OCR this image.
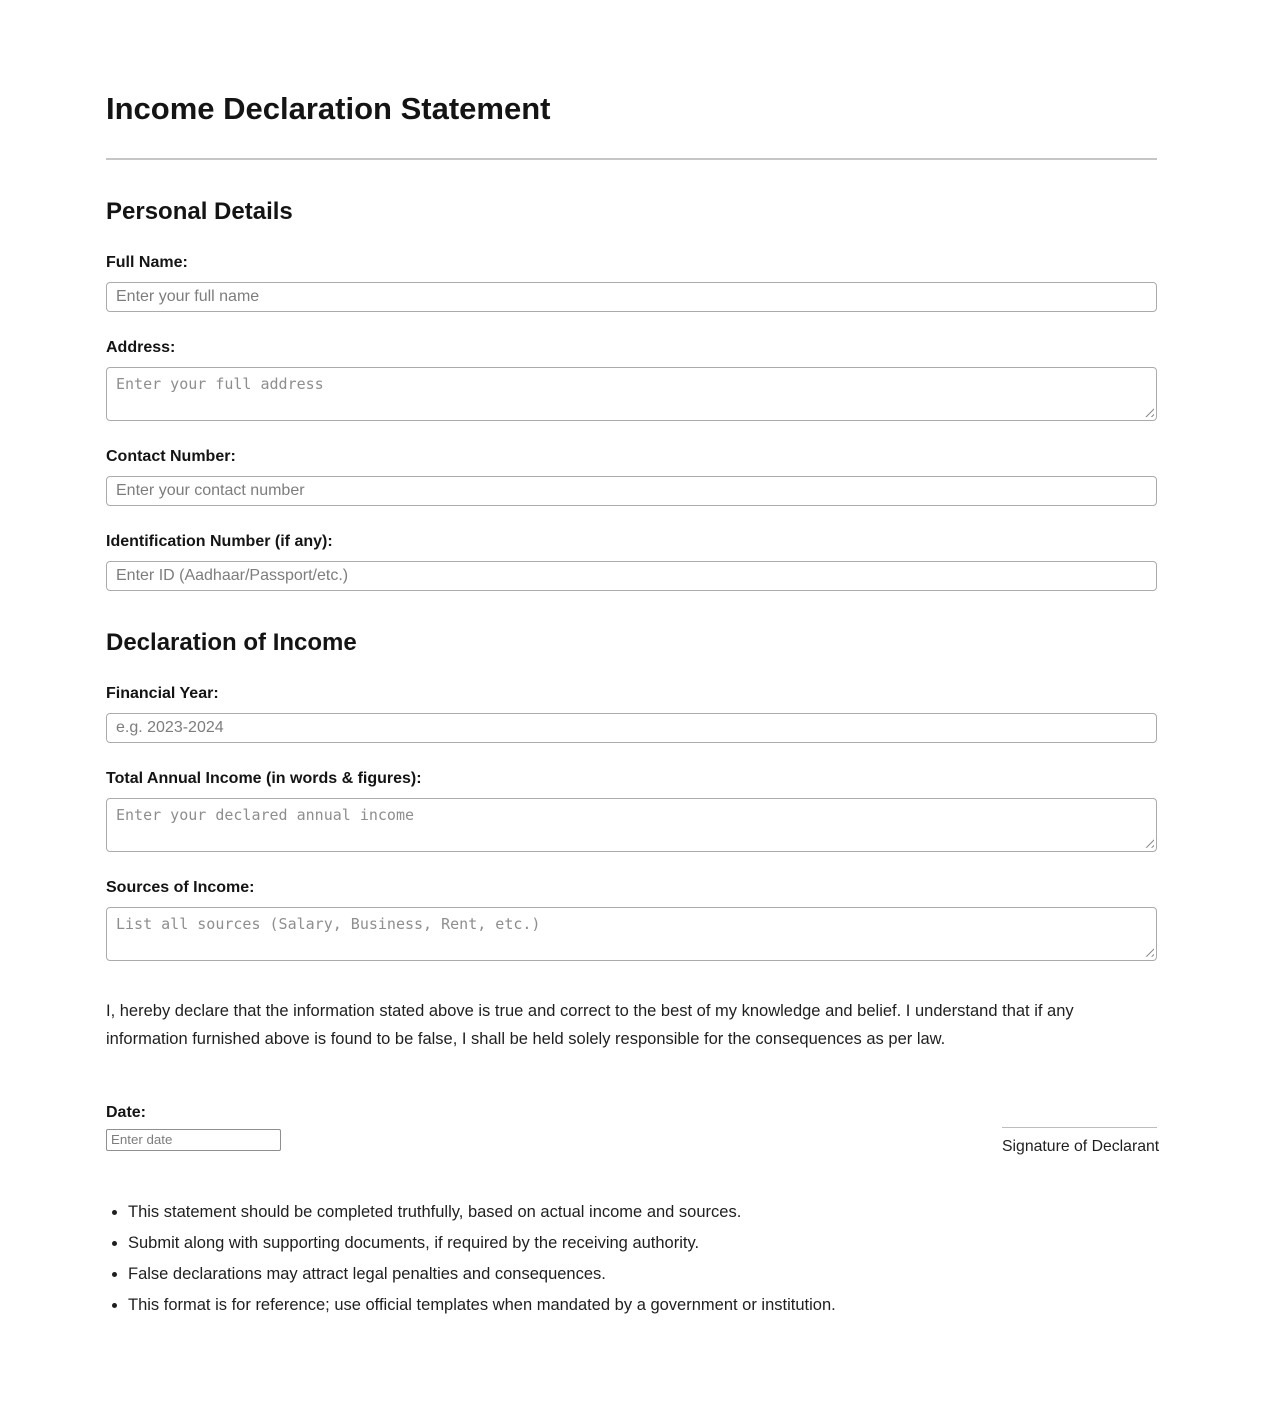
Income Declaration Statement
Personal Details
Full Name:
Enter your full name
Address:
Enter your full address
Contact Number:
Enter your contact number
Identification Number (if any):
Enter ID (Aadhaar/Passport/etc.)
Declaration of Income
Financial Year:
e.g. 2023-2024
Total Annual Income (in words & figures):
Enter your declared annual income
Sources of Income:
List all sources (Salary, Business, Rent, etc.)

I, hereby declare that the information stated above is true and correct to the best of my knowledge and belief. I understand that if any information furnished above is found to be false, I shall be held solely responsible for the consequences as per law.

Date:
Enter date
Signature of Declarant
• This statement should be completed truthfully, based on actual income and sources.
• Submit along with supporting documents, if required by the receiving authority.
• False declarations may attract legal penalties and consequences.
• This format is for reference; use official templates when mandated by a government or institution.
